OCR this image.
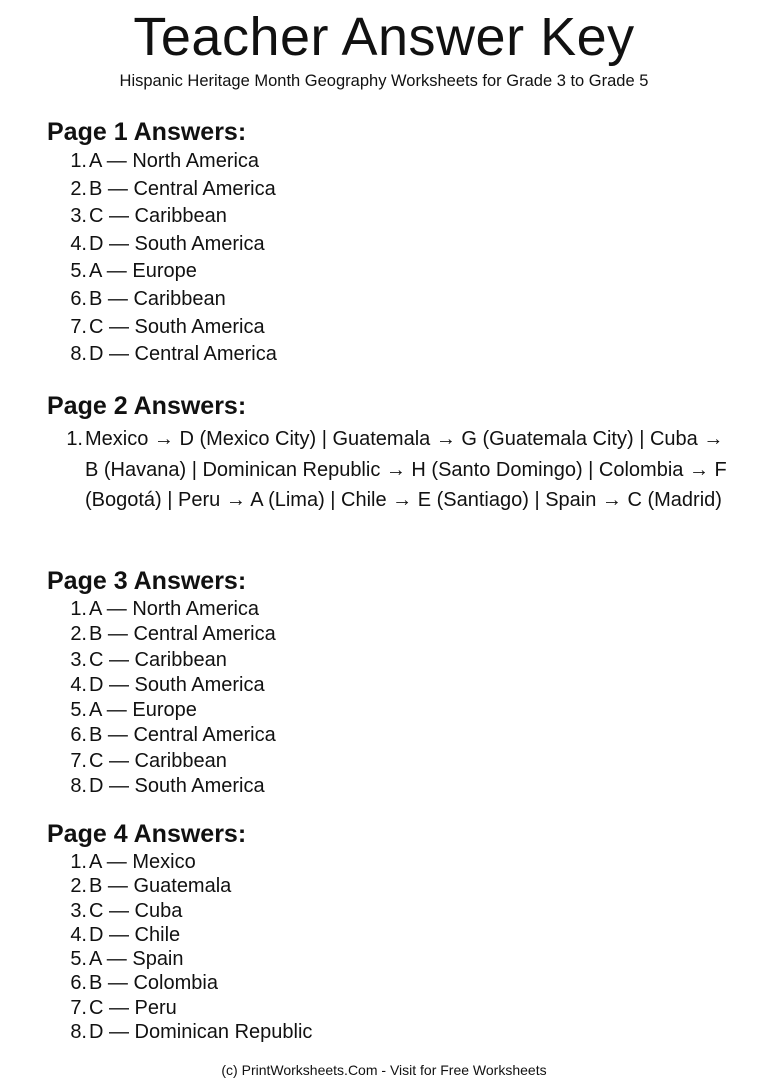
Teacher Answer Key
Hispanic Heritage Month Geography Worksheets for Grade 3 to Grade 5
Page 1 Answers:
1. A — North America
2. B — Central America
3. C — Caribbean
4. D — South America
5. A — Europe
6. B — Caribbean
7. C — South America
8. D — Central America
Page 2 Answers:
1. Mexico → D (Mexico City) | Guatemala → G (Guatemala City) | Cuba → B (Havana) | Dominican Republic → H (Santo Domingo) | Colombia → F (Bogotá) | Peru → A (Lima) | Chile → E (Santiago) | Spain → C (Madrid)
Page 3 Answers:
1. A — North America
2. B — Central America
3. C — Caribbean
4. D — South America
5. A — Europe
6. B — Central America
7. C — Caribbean
8. D — South America
Page 4 Answers:
1. A — Mexico
2. B — Guatemala
3. C — Cuba
4. D — Chile
5. A — Spain
6. B — Colombia
7. C — Peru
8. D — Dominican Republic
(c) PrintWorksheets.Com - Visit for Free Worksheets
